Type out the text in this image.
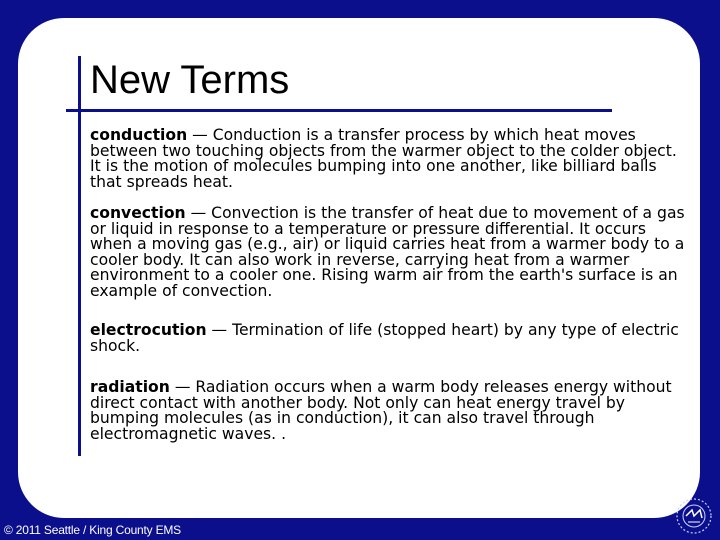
New Terms

conduction — Conduction is a transfer process by which heat moves between two touching objects from the warmer object to the colder object. It is the motion of molecules bumping into one another, like billiard balls that spreads heat.

convection — Convection is the transfer of heat due to movement of a gas or liquid in response to a temperature or pressure differential. It occurs when a moving gas (e.g., air) or liquid carries heat from a warmer body to a cooler body. It can also work in reverse, carrying heat from a warmer environment to a cooler one. Rising warm air from the earth's surface is an example of convection.

electrocution — Termination of life (stopped heart) by any type of electric shock.

radiation — Radiation occurs when a warm body releases energy without direct contact with another body. Not only can heat energy travel by bumping molecules (as in conduction), it can also travel through electromagnetic waves. .

© 2011 Seattle / King County EMS
